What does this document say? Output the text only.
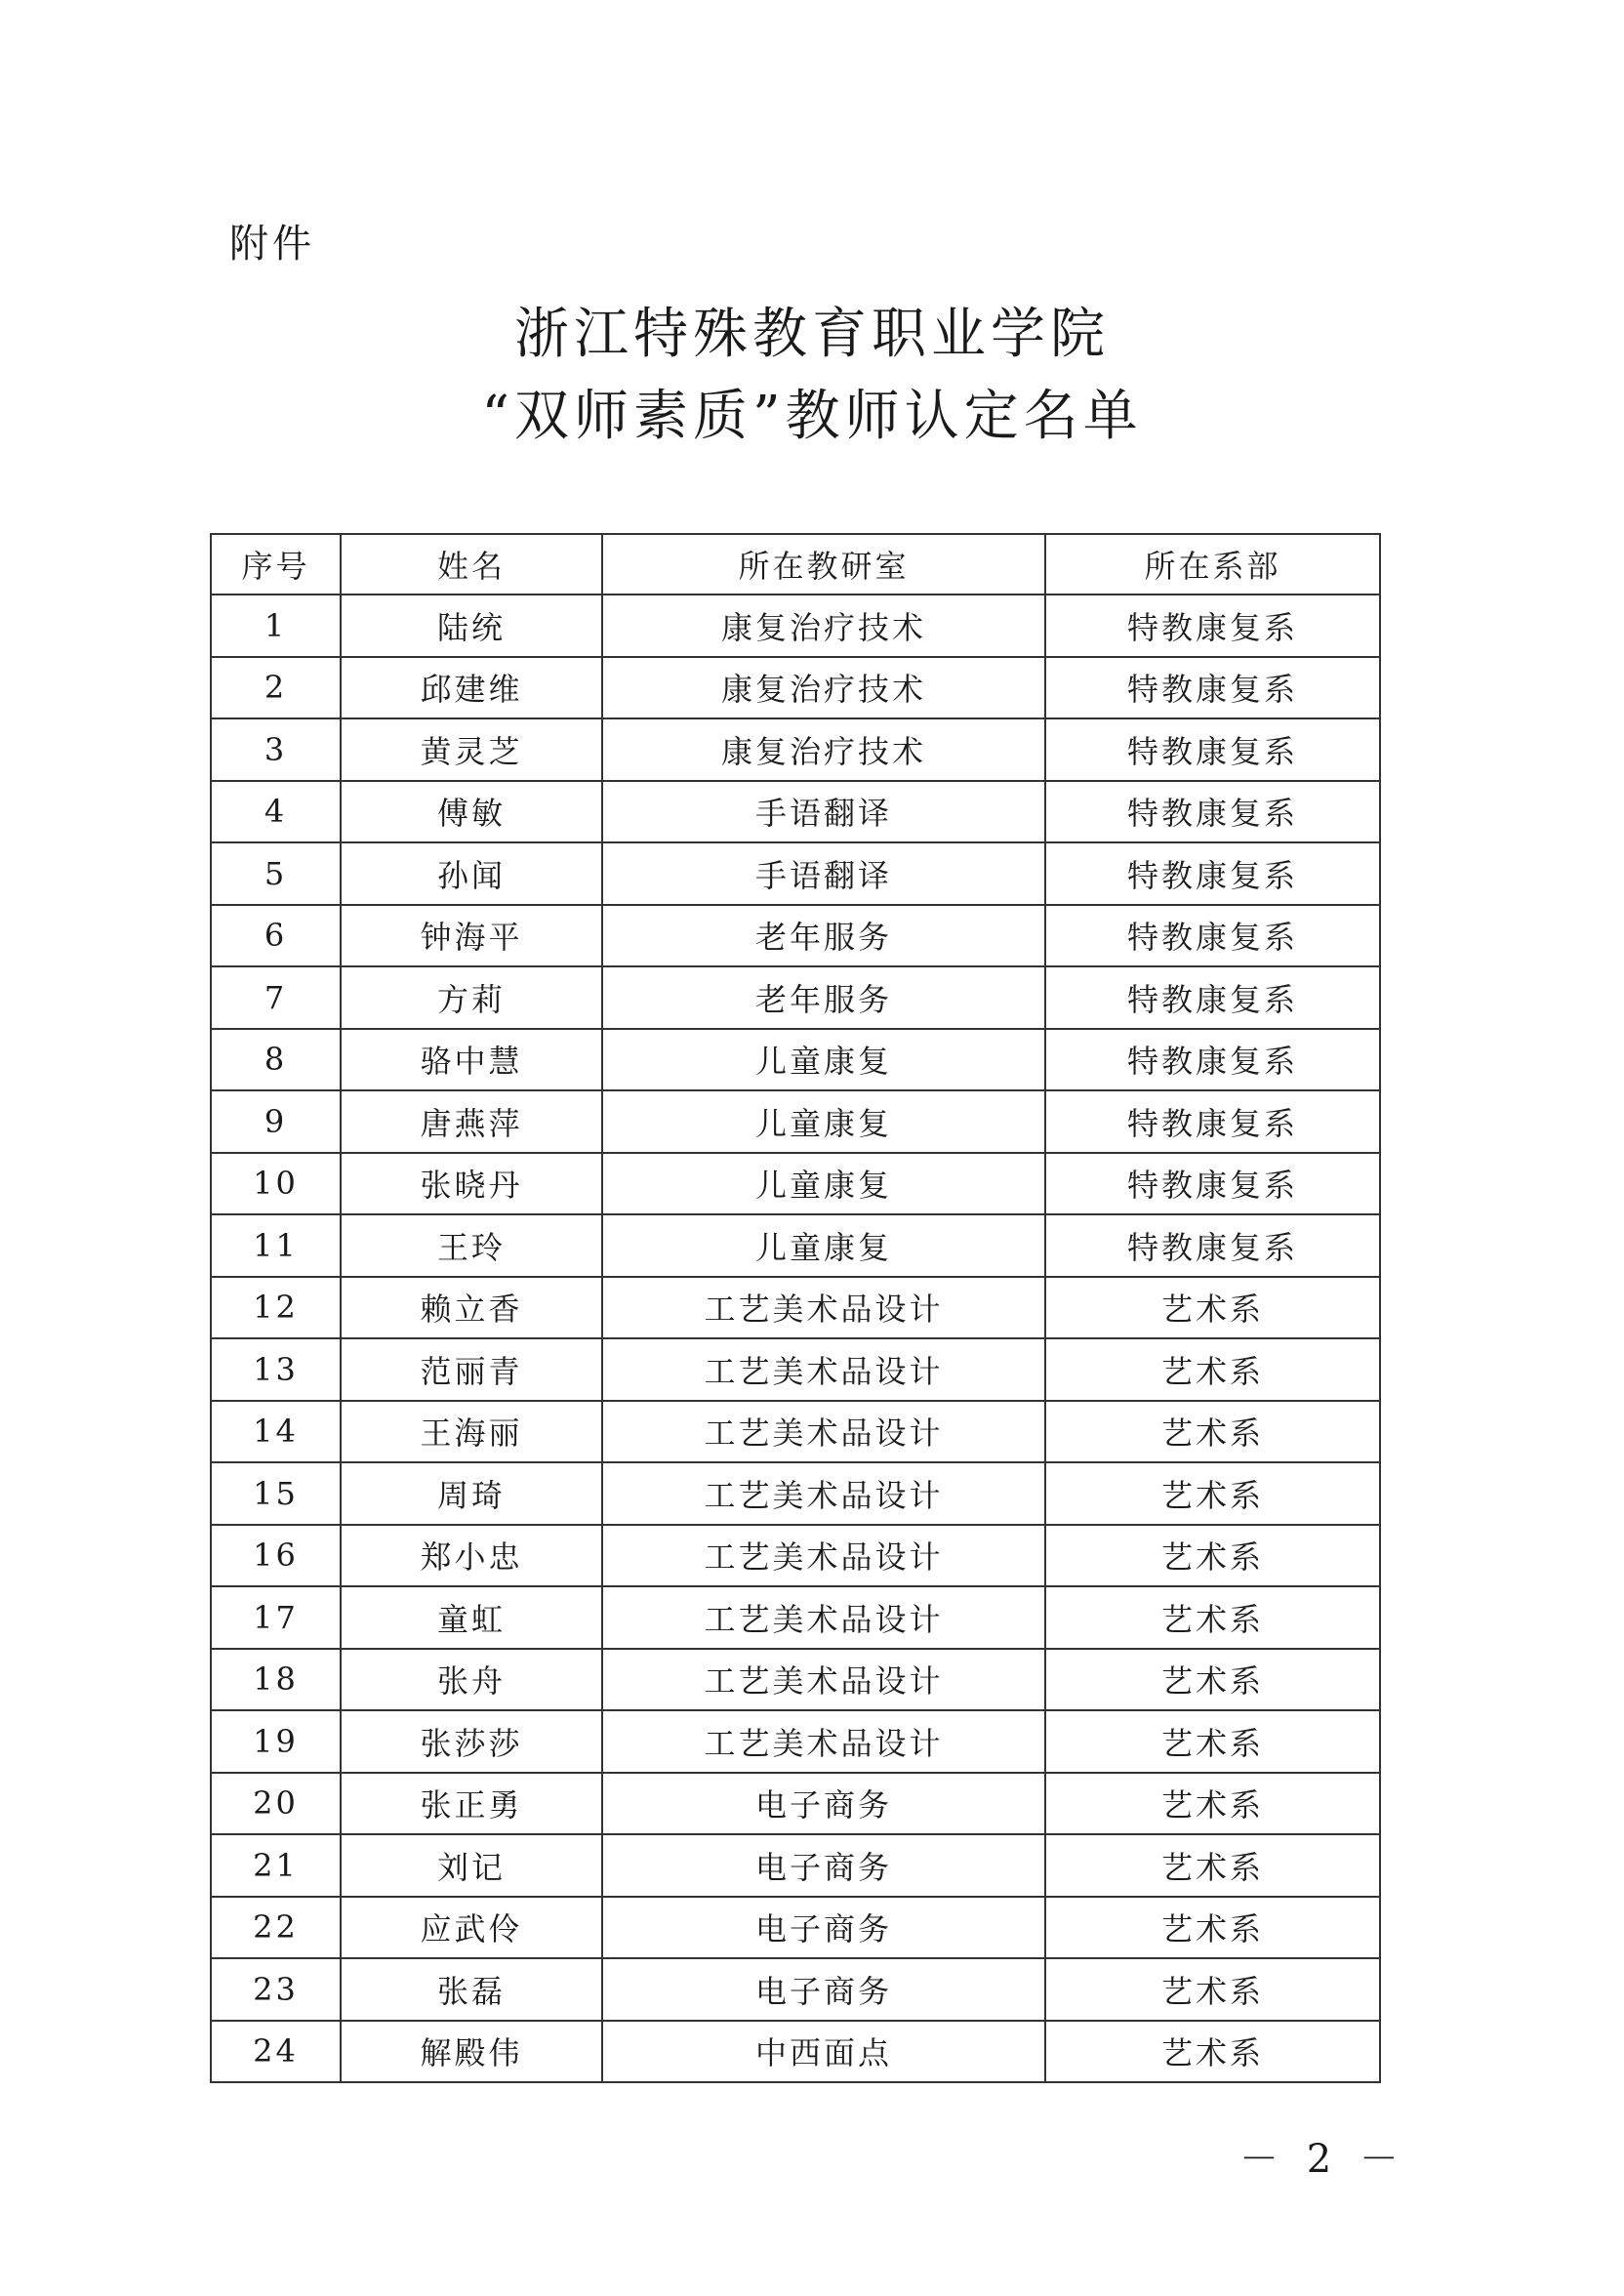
附件
浙江特殊教育职业学院
“双师素质”教师认定名单
序号	姓名	所在教研室	所在系部
1	陆统	康复治疗技术	特教康复系
2	邱建维	康复治疗技术	特教康复系
3	黄灵芝	康复治疗技术	特教康复系
4	傅敏	手语翻译	特教康复系
5	孙闻	手语翻译	特教康复系
6	钟海平	老年服务	特教康复系
7	方莉	老年服务	特教康复系
8	骆中慧	儿童康复	特教康复系
9	唐燕萍	儿童康复	特教康复系
10	张晓丹	儿童康复	特教康复系
11	王玲	儿童康复	特教康复系
12	赖立香	工艺美术品设计	艺术系
13	范丽青	工艺美术品设计	艺术系
14	王海丽	工艺美术品设计	艺术系
15	周琦	工艺美术品设计	艺术系
16	郑小忠	工艺美术品设计	艺术系
17	童虹	工艺美术品设计	艺术系
18	张舟	工艺美术品设计	艺术系
19	张莎莎	工艺美术品设计	艺术系
20	张正勇	电子商务	艺术系
21	刘记	电子商务	艺术系
22	应武伶	电子商务	艺术系
23	张磊	电子商务	艺术系
24	解殿伟	中西面点	艺术系
－ 2 －
